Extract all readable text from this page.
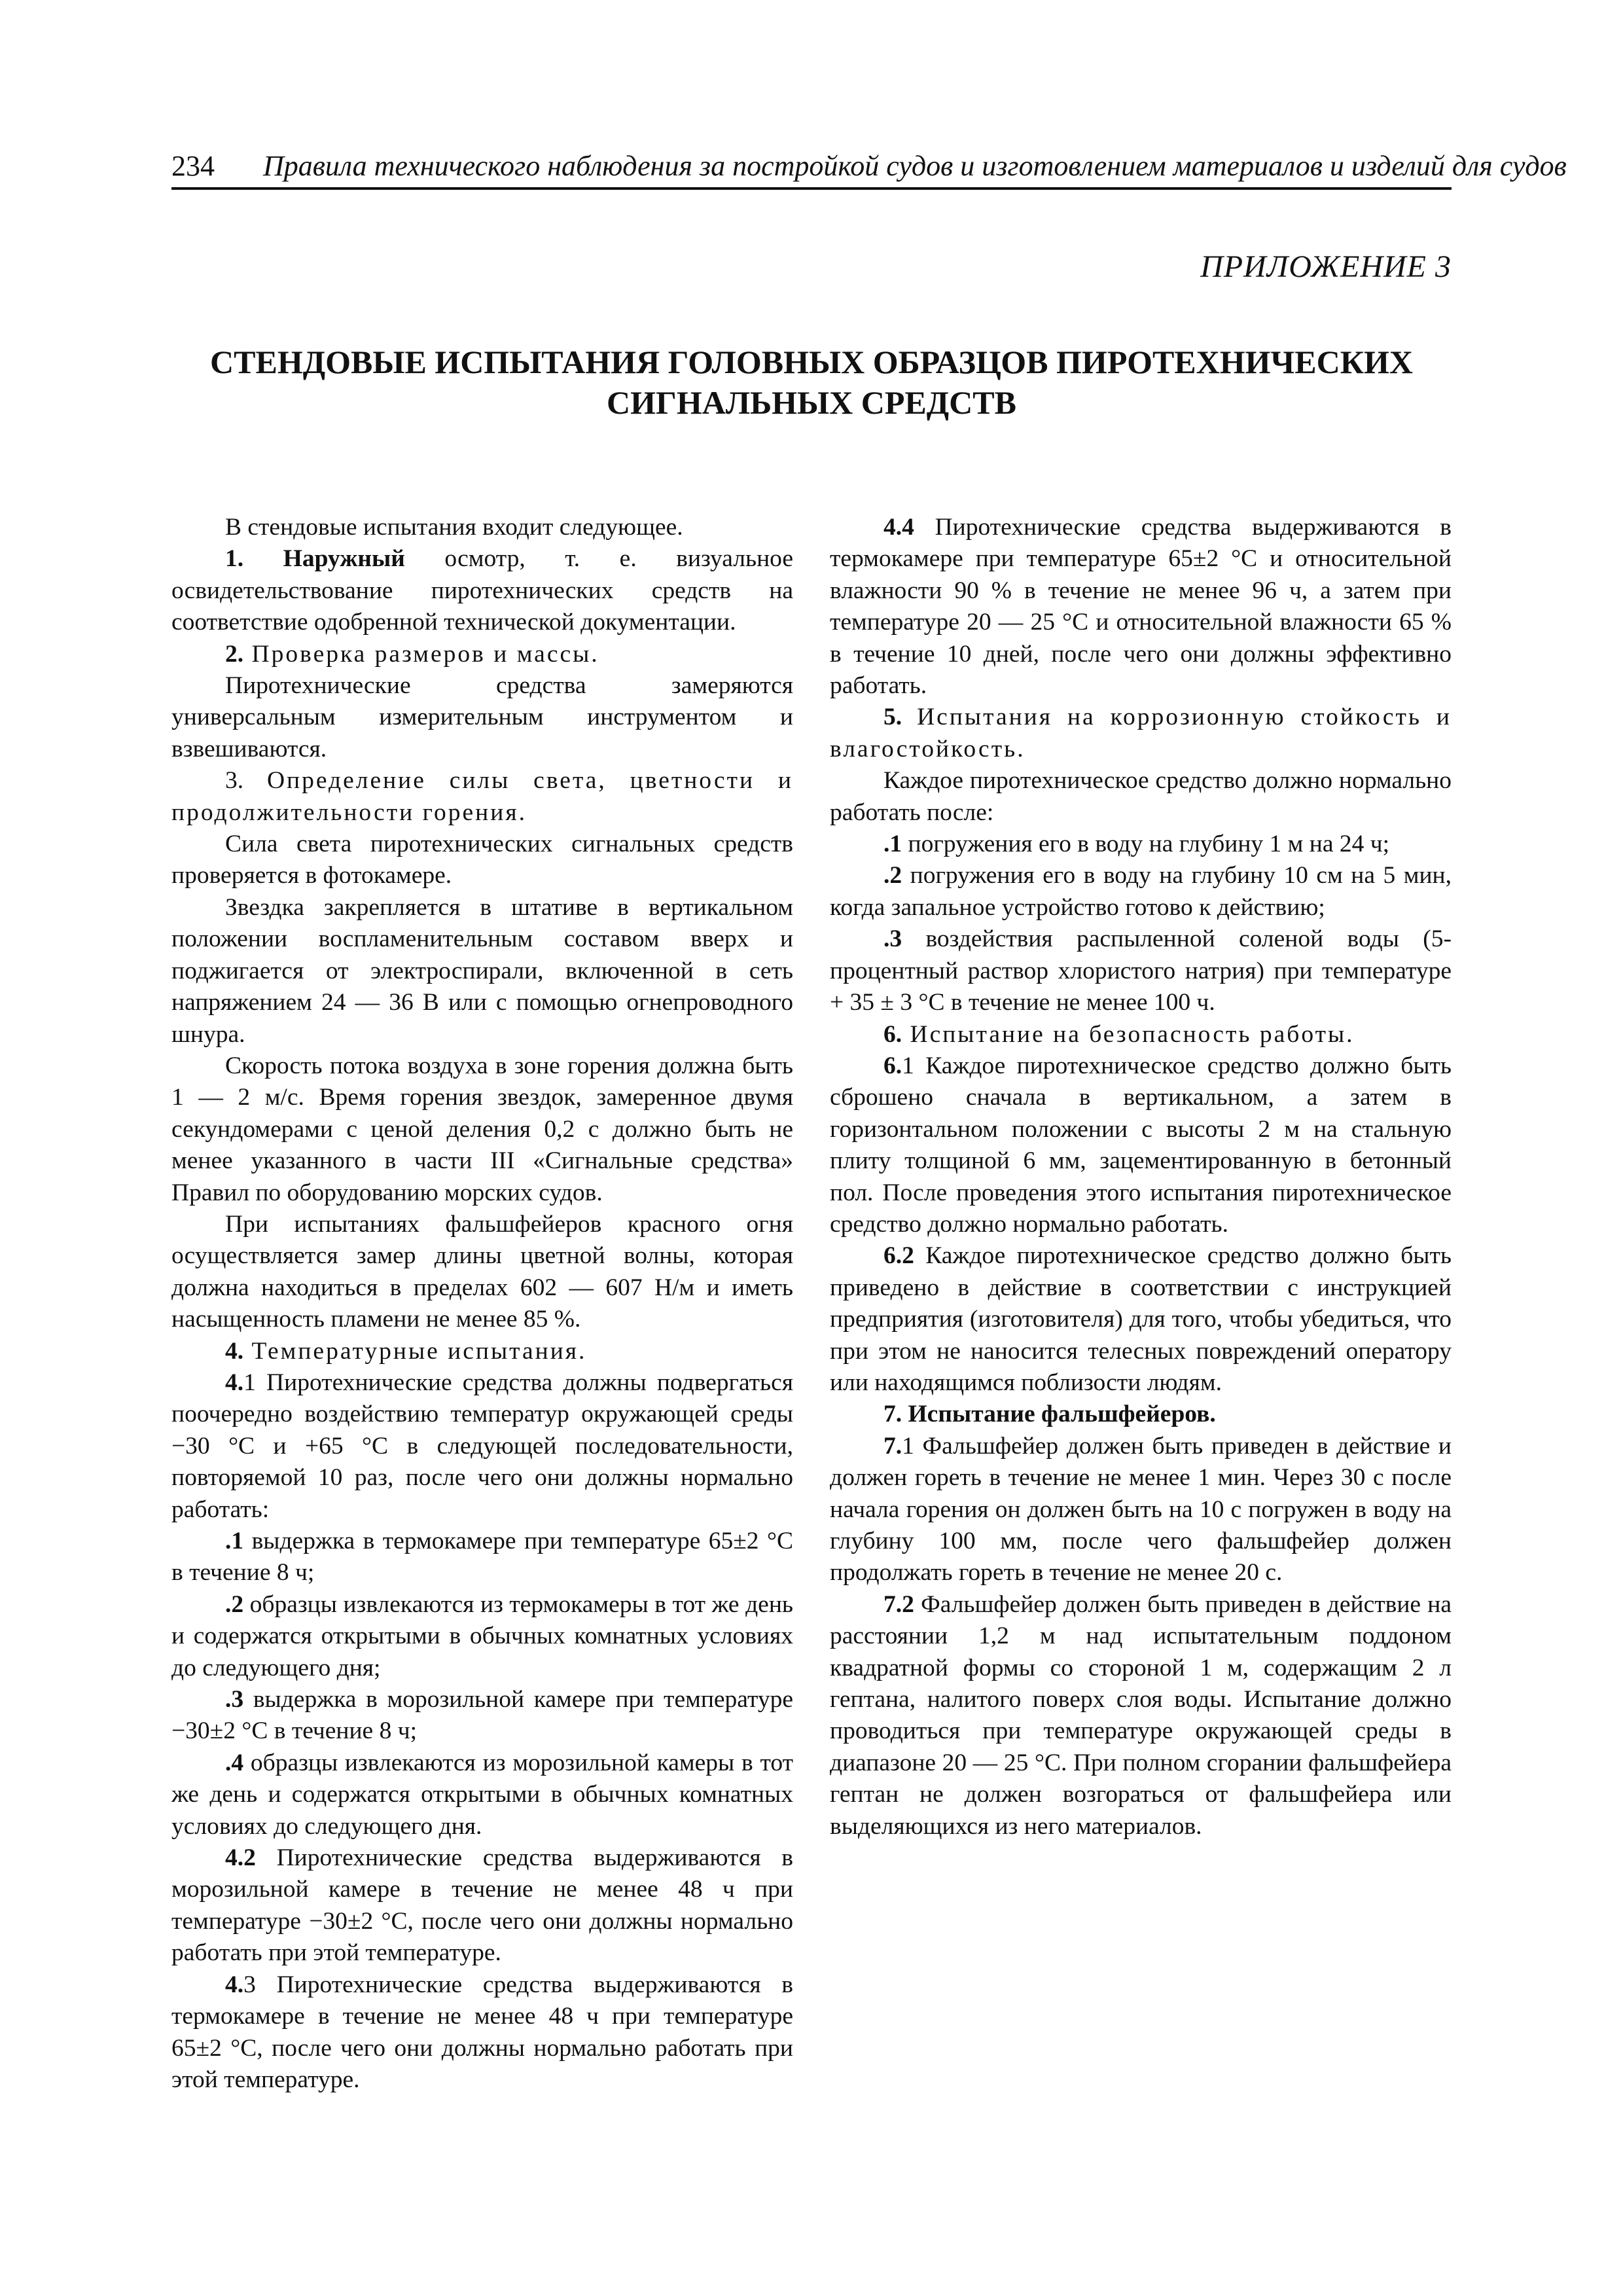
234 Правила технического наблюдения за постройкой судов и изготовлением материалов и изделий для судов
ПРИЛОЖЕНИЕ 3
СТЕНДОВЫЕ ИСПЫТАНИЯ ГОЛОВНЫХ ОБРАЗЦОВ ПИРОТЕХНИЧЕСКИХ
СИГНАЛЬНЫХ СРЕДСТВ

В стендовые испытания входит следующее.

1. Наружный осмотр, т. е. визуальное освидетельствование пиротехнических средств на соответствие одобренной технической документации.

2. Проверка размеров и массы.

Пиротехнические средства замеряются универсальным измерительным инструментом и взвешиваются.

3. Определение силы света, цветности и продолжительности горения.

Сила света пиротехнических сигнальных средств проверяется в фотокамере.

Звездка закрепляется в штативе в вертикальном положении воспламенительным составом вверх и поджигается от электроспирали, включенной в сеть напряжением 24 — 36 В или с помощью огнепроводного шнура.

Скорость потока воздуха в зоне горения должна быть 1 — 2 м/с. Время горения звездок, замеренное двумя секундомерами с ценой деления 0,2 с должно быть не менее указанного в части III «Сигнальные средства» Правил по оборудованию морских судов.

При испытаниях фальшфейеров красного огня осуществляется замер длины цветной волны, которая должна находиться в пределах 602 — 607 Н/м и иметь насыщенность пламени не менее 85 %.

4. Температурные испытания.

4.1 Пиротехнические средства должны подвергаться поочередно воздействию температур окружающей среды −30 °C и +65 °C в следующей последовательности, повторяемой 10 раз, после чего они должны нормально работать:

.1 выдержка в термокамере при температуре 65±2 °C в течение 8 ч;

.2 образцы извлекаются из термокамеры в тот же день и содержатся открытыми в обычных комнатных условиях до следующего дня;

.3 выдержка в морозильной камере при температуре −30±2 °C в течение 8 ч;

.4 образцы извлекаются из морозильной камеры в тот же день и содержатся открытыми в обычных комнатных условиях до следующего дня.

4.2 Пиротехнические средства выдерживаются в морозильной камере в течение не менее 48 ч при температуре −30±2 °C, после чего они должны нормально работать при этой температуре.

4.3 Пиротехнические средства выдерживаются в термокамере в течение не менее 48 ч при температуре 65±2 °C, после чего они должны нормально работать при этой температуре.

4.4 Пиротехнические средства выдерживаются в термокамере при температуре 65±2 °C и относительной влажности 90 % в течение не менее 96 ч, а затем при температуре 20 — 25 °C и относительной влажности 65 % в течение 10 дней, после чего они должны эффективно работать.

5. Испытания на коррозионную стойкость и влагостойкость.

Каждое пиротехническое средство должно нормально работать после:

.1 погружения его в воду на глубину 1 м на 24 ч;

.2 погружения его в воду на глубину 10 см на 5 мин, когда запальное устройство готово к действию;

.3 воздействия распыленной соленой воды (5-процентный раствор хлористого натрия) при температуре + 35 ± 3 °C в течение не менее 100 ч.

6. Испытание на безопасность работы.

6.1 Каждое пиротехническое средство должно быть сброшено сначала в вертикальном, а затем в горизонтальном положении с высоты 2 м на стальную плиту толщиной 6 мм, зацементированную в бетонный пол. После проведения этого испытания пиротехническое средство должно нормально работать.

6.2 Каждое пиротехническое средство должно быть приведено в действие в соответствии с инструкцией предприятия (изготовителя) для того, чтобы убедиться, что при этом не наносится телесных повреждений оператору или находящимся поблизости людям.

7. Испытание фальшфейеров.

7.1 Фальшфейер должен быть приведен в действие и должен гореть в течение не менее 1 мин. Через 30 с после начала горения он должен быть на 10 с погружен в воду на глубину 100 мм, после чего фальшфейер должен продолжать гореть в течение не менее 20 с.

7.2 Фальшфейер должен быть приведен в действие на расстоянии 1,2 м над испытательным поддоном квадратной формы со стороной 1 м, содержащим 2 л гептана, налитого поверх слоя воды. Испытание должно проводиться при температуре окружающей среды в диапазоне 20 — 25 °C. При полном сгорании фальшфейера гептан не должен возгораться от фальшфейера или выделяющихся из него материалов.
